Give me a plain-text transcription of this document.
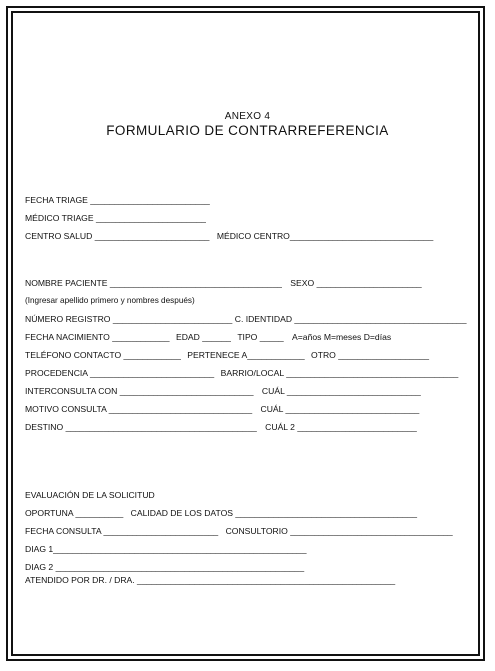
ANEXO 4
FORMULARIO DE CONTRARREFERENCIA
FECHA TRIAGE _________________________
MÉDICO TRIAGE _______________________
CENTRO SALUD ________________________ MÉDICO CENTRO______________________________
NOMBRE PACIENTE ____________________________________ SEXO ______________________
(Ingresar apellido primero y nombres después)
NÚMERO REGISTRO _________________________ C. IDENTIDAD ____________________________________
FECHA NACIMIENTO ____________ EDAD ______ TIPO _____ A=años M=meses D=días
TELÉFONO CONTACTO ____________ PERTENECE A____________ OTRO ___________________
PROCEDENCIA __________________________ BARRIO/LOCAL ____________________________________
INTERCONSULTA CON ____________________________ CUÁL ____________________________
MOTIVO CONSULTA ______________________________ CUÁL ____________________________
DESTINO ________________________________________ CUÁL 2 _________________________
EVALUACIÓN DE LA SOLICITUD
OPORTUNA __________ CALIDAD DE LOS DATOS ______________________________________
FECHA CONSULTA ________________________ CONSULTORIO __________________________________
DIAG 1_____________________________________________________
DIAG 2 ____________________________________________________
ATENDIDO POR DR. / DRA. ______________________________________________________
